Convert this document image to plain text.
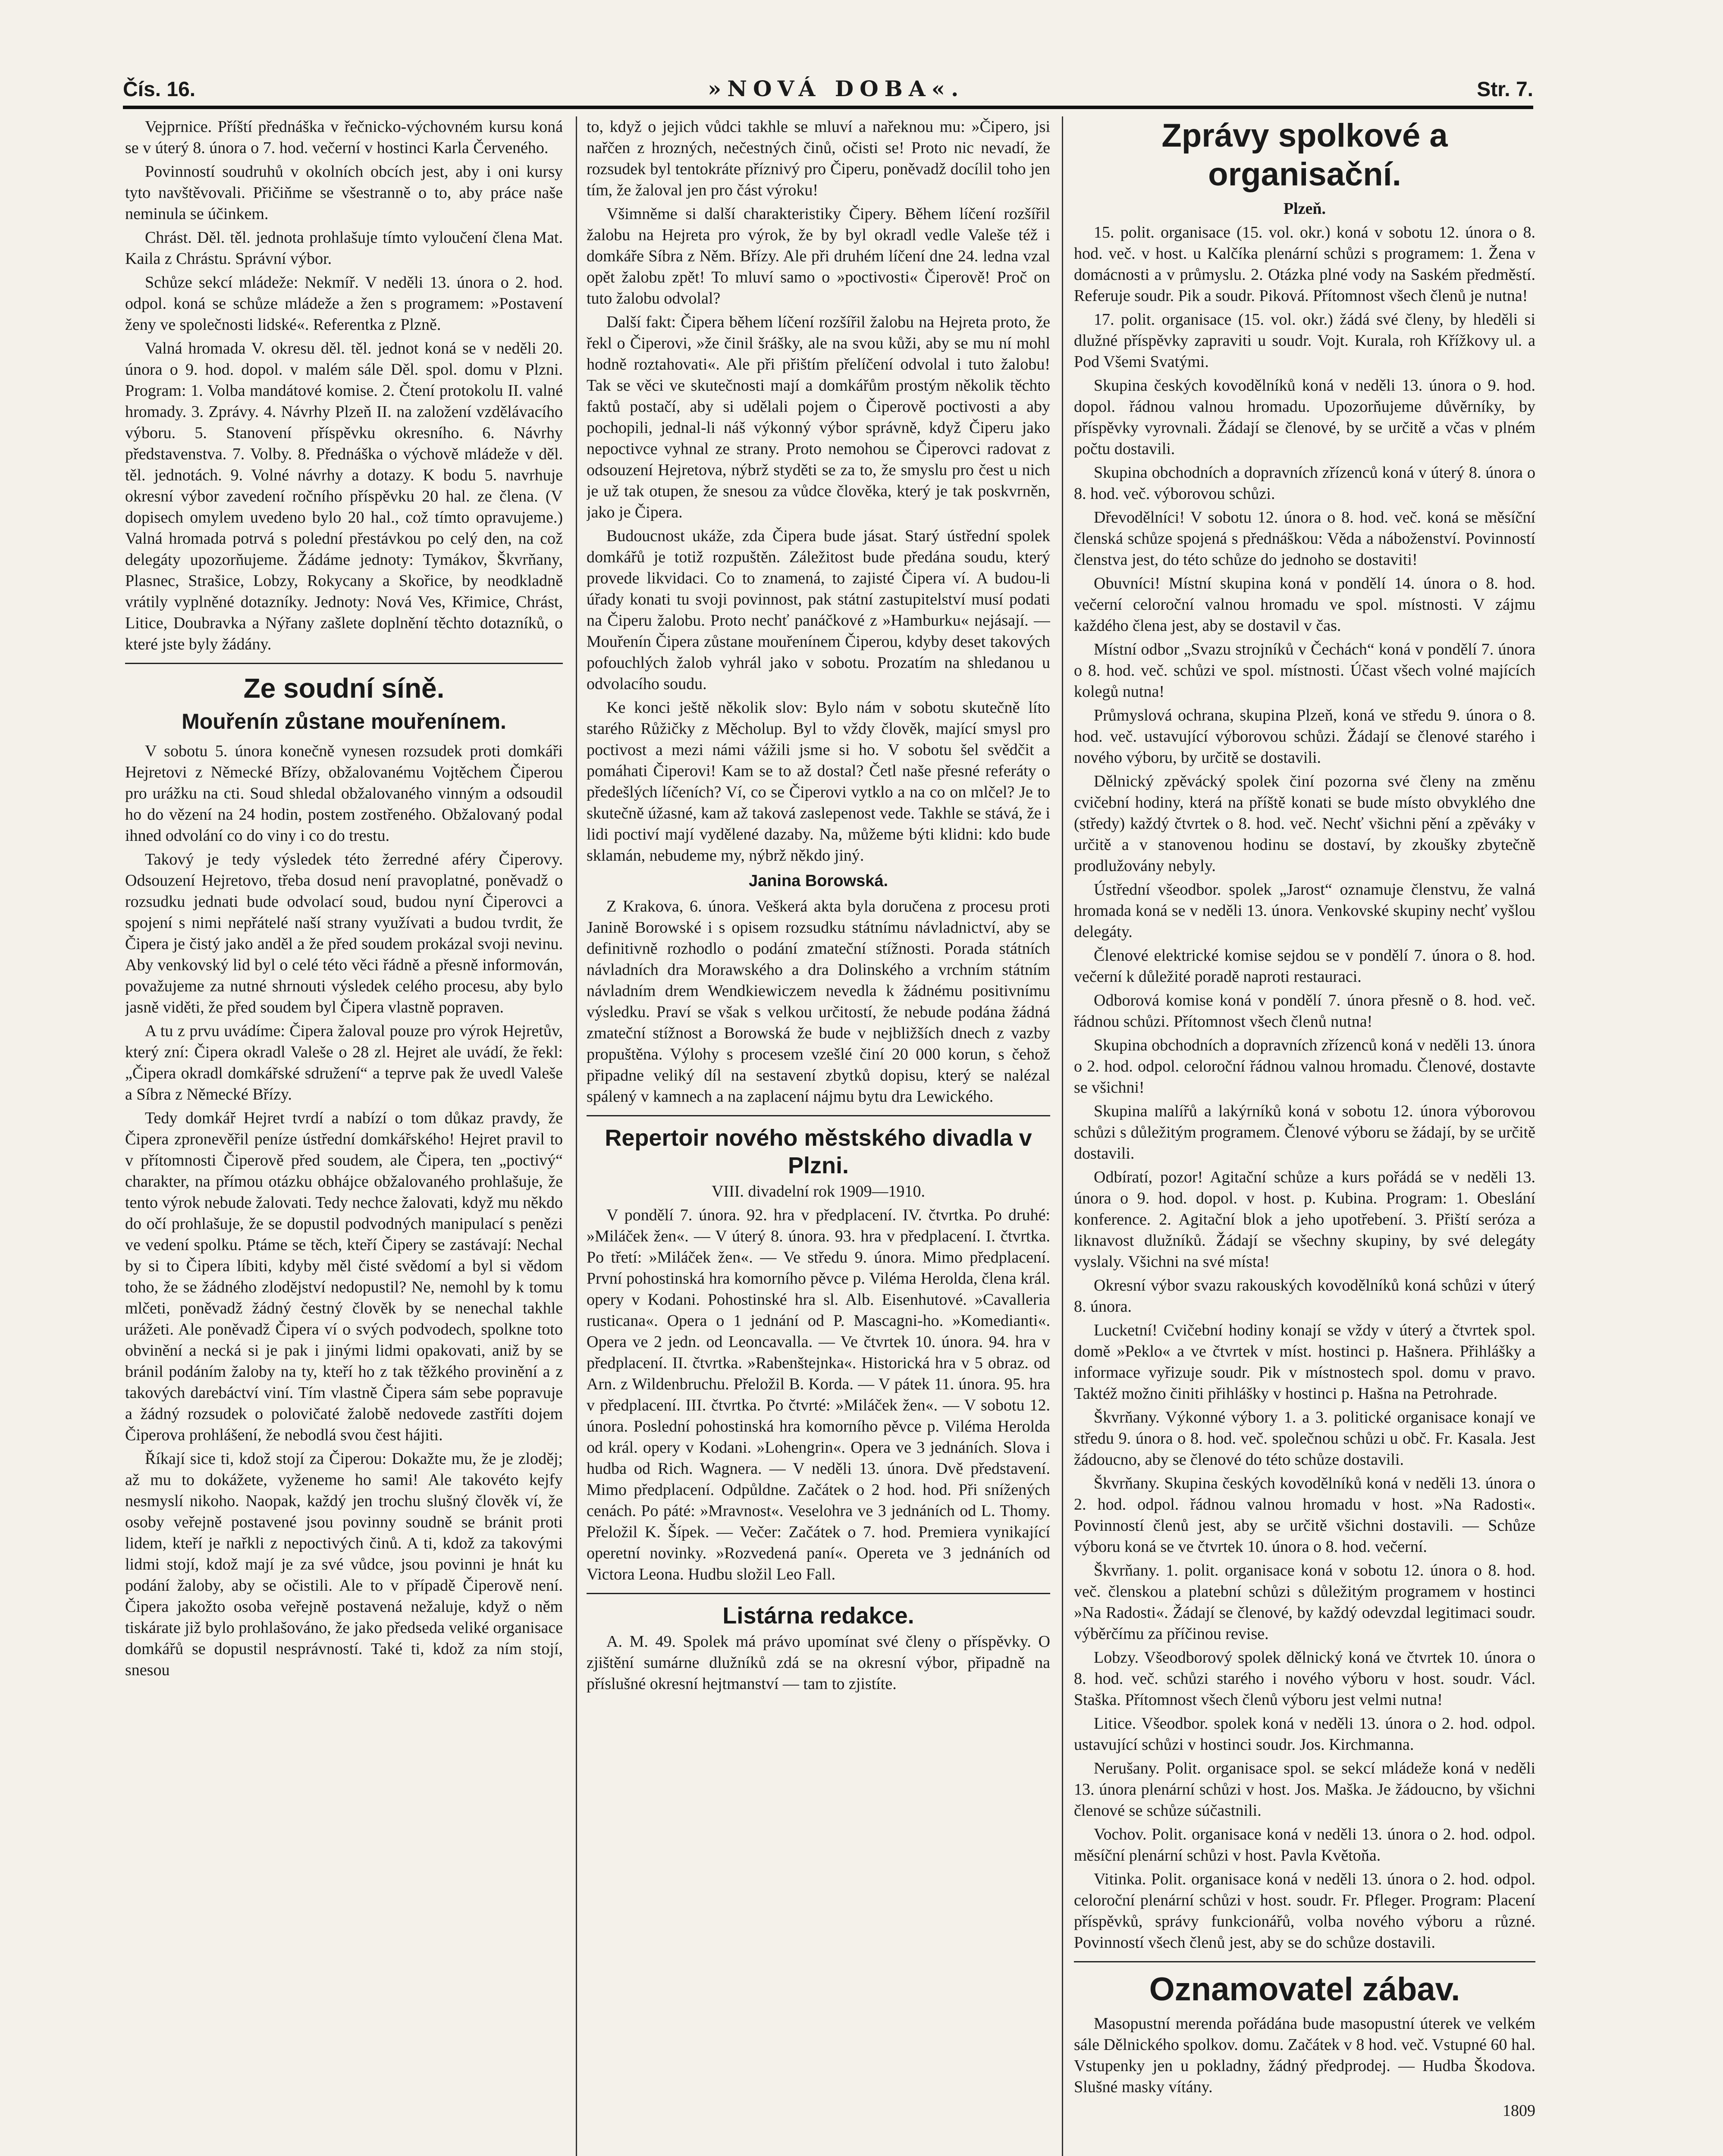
Čís. 16.	»NOVÁ DOBA«.	Str. 7.

Vejprnice. Příští přednáška v řečnicko-výchovném kursu koná se v úterý 8. února o 7. hod. večerní v hostinci Karla Červeného.

Povinností soudruhů v okolních obcích jest, aby i oni kursy tyto navštěvovali. Přičiňme se všestranně o to, aby práce naše neminula se účinkem.

Chrást. Děl. těl. jednota prohlašuje tímto vyloučení člena Mat. Kaila z Chrástu. Správní výbor.

Schůze sekcí mládeže: Nekmíř. V neděli 13. února o 2. hod. odpol. koná se schůze mládeže a žen s programem: »Postavení ženy ve společnosti lidské«. Referentka z Plzně.

Valná hromada V. okresu děl. těl. jednot koná se v neděli 20. února o 9. hod. dopol. v malém sále Děl. spol. domu v Plzni. Program: 1. Volba mandátové komise. 2. Čtení protokolu II. valné hromady. 3. Zprávy. 4. Návrhy Plzeň II. na založení vzdělávacího výboru. 5. Stanovení příspěvku okresního. 6. Návrhy představenstva. 7. Volby. 8. Přednáška o výchově mládeže v děl. těl. jednotách. 9. Volné návrhy a dotazy. K bodu 5. navrhuje okresní výbor zavedení ročního příspěvku 20 hal. ze člena. (V dopisech omylem uvedeno bylo 20 hal., což tímto opravujeme.) Valná hromada potrvá s polední přestávkou po celý den, na což delegáty upozorňujeme. Žádáme jednoty: Tymákov, Škvrňany, Plasnec, Strašice, Lobzy, Rokycany a Skořice, by neodkladně vrátily vyplněné dotazníky. Jednoty: Nová Ves, Křimice, Chrást, Litice, Doubravka a Nýřany zašlete doplnění těchto dotazníků, o které jste byly žádány.

Ze soudní síně.
Mouřenín zůstane mouřenínem.

V sobotu 5. února konečně vynesen rozsudek proti domkáři Hejretovi z Německé Břízy, obžalovanému Vojtěchem Čiperou pro urážku na cti. Soud shledal obžalovaného vinným a odsoudil ho do vězení na 24 hodin, postem zostřeného. Obžalovaný podal ihned odvolání co do viny i co do trestu.

Takový je tedy výsledek této žerredné aféry Čiperovy. Odsouzení Hejretovo, třeba dosud není pravoplatné, poněvadž o rozsudku jednati bude odvolací soud, budou nyní Čiperovci a spojení s nimi nepřátelé naší strany využívati a budou tvrdit, že Čipera je čistý jako anděl a že před soudem prokázal svoji nevinu. Aby venkovský lid byl o celé této věci řádně a přesně informován, považujeme za nutné shrnouti výsledek celého procesu, aby bylo jasně viděti, že před soudem byl Čipera vlastně popraven.

A tu z prvu uvádíme: Čipera žaloval pouze pro výrok Hejretův, který zní: Čipera okradl Valeše o 28 zl. Hejret ale uvádí, že řekl: „Čipera okradl domkářské sdružení“ a teprve pak že uvedl Valeše a Síbra z Německé Břízy.

Tedy domkář Hejret tvrdí a nabízí o tom důkaz pravdy, že Čipera zpronevěřil peníze ústřední domkářského! Hejret pravil to v přítomnosti Čiperově před soudem, ale Čipera, ten „poctivý“ charakter, na přímou otázku obhájce obžalovaného prohlašuje, že tento výrok nebude žalovati. Tedy nechce žalovati, když mu někdo do očí prohlašuje, že se dopustil podvodných manipulací s penězi ve vedení spolku. Ptáme se těch, kteří Čipery se zastávají: Nechal by si to Čipera líbiti, kdyby měl čisté svědomí a byl si vědom toho, že se žádného zlodějství nedopustil? Ne, nemohl by k tomu mlčeti, poněvadž žádný čestný člověk by se nenechal takhle urážeti. Ale poněvadž Čipera ví o svých podvodech, spolkne toto obvinění a necká si je pak i jinými lidmi opakovati, aniž by se bránil podáním žaloby na ty, kteří ho z tak těžkého provinění a z takových darebáctví viní. Tím vlastně Čipera sám sebe popravuje a žádný rozsudek o polovičaté žalobě nedovede zastříti dojem Čiperova prohlášení, že nebodlá svou čest hájiti.

Říkají sice ti, kdož stojí za Čiperou: Dokažte mu, že je zloděj; až mu to dokážete, vyženeme ho sami! Ale takovéto kejfy nesmyslí nikoho. Naopak, každý jen trochu slušný člověk ví, že osoby veřejně postavené jsou povinny soudně se bránit proti lidem, kteří je nařkli z nepoctivých činů. A ti, kdož za takovými lidmi stojí, kdož mají je za své vůdce, jsou povinni je hnát ku podání žaloby, aby se očistili. Ale to v případě Čiperově není. Čipera jakožto osoba veřejně postavená nežaluje, když o něm tiskárate již bylo prohlašováno, že jako předseda veliké organisace domkářů se dopustil nesprávností. Také ti, kdož za ním stojí, snesou

to, když o jejich vůdci takhle se mluví a nařeknou mu: »Čipero, jsi nařčen z hrozných, nečestných činů, očisti se! Proto nic nevadí, že rozsudek byl tentokráte příznivý pro Čiperu, poněvadž docílil toho jen tím, že žaloval jen pro část výroku!

Všimněme si další charakteristiky Čipery. Během líčení rozšířil žalobu na Hejreta pro výrok, že by byl okradl vedle Valeše též i domkáře Síbra z Něm. Břízy. Ale při druhém líčení dne 24. ledna vzal opět žalobu zpět! To mluví samo o »poctivosti« Čiperově! Proč on tuto žalobu odvolal?

Další fakt: Čipera během líčení rozšířil žalobu na Hejreta proto, že řekl o Čiperovi, »že činil šrášky, ale na svou kůži, aby se mu ní mohl hodně roztahovati«. Ale při přištím přelíčení odvolal i tuto žalobu! Tak se věci ve skutečnosti mají a domkářům prostým několik těchto faktů postačí, aby si udělali pojem o Čiperově poctivosti a aby pochopili, jednal-li náš výkonný výbor správně, když Čiperu jako nepoctivce vyhnal ze strany. Proto nemohou se Čiperovci radovat z odsouzení Hejretova, nýbrž styděti se za to, že smyslu pro čest u nich je už tak otupen, že snesou za vůdce člověka, který je tak poskvrněn, jako je Čipera.

Budoucnost ukáže, zda Čipera bude jásat. Starý ústřední spolek domkářů je totiž rozpuštěn. Záležitost bude předána soudu, který provede likvidaci. Co to znamená, to zajisté Čipera ví. A budou-li úřady konati tu svoji povinnost, pak státní zastupitelství musí podati na Čiperu žalobu. Proto nechť panáčkové z »Hamburku« nejásají. — Mouřenín Čipera zůstane mouřenínem Čiperou, kdyby deset takových pofouchlých žalob vyhrál jako v sobotu. Prozatím na shledanou u odvolacího soudu.

Ke konci ještě několik slov: Bylo nám v sobotu skutečně líto starého Růžičky z Měcholup. Byl to vždy člověk, mající smysl pro poctivost a mezi námi vážili jsme si ho. V sobotu šel svědčit a pomáhati Čiperovi! Kam se to až dostal? Četl naše přesné referáty o předešlých líčeních? Ví, co se Čiperovi vytklo a na co on mlčel? Je to skutečně úžasné, kam až taková zaslepenost vede. Takhle se stává, že i lidi poctiví mají vydělené dazaby. Na, můžeme býti klidni: kdo bude sklamán, nebudeme my, nýbrž někdo jiný.

Janina Borowská.

Z Krakova, 6. února. Veškerá akta byla doručena z procesu proti Janině Borowské i s opisem rozsudku státnímu návladnictví, aby se definitivně rozhodlo o podání zmateční stížnosti. Porada státních návladních dra Morawského a dra Dolinského a vrchním státním návladním drem Wendkiewiczem nevedla k žádnému positivnímu výsledku. Praví se však s velkou určitostí, že nebude podána žádná zmateční stížnost a Borowská že bude v nejbližších dnech z vazby propuštěna. Výlohy s procesem vzešlé činí 20 000 korun, s čehož připadne veliký díl na sestavení zbytků dopisu, který se nalézal spálený v kamnech a na zaplacení nájmu bytu dra Lewického.

Repertoir nového městského divadla v Plzni.

VIII. divadelní rok 1909—1910.

V pondělí 7. února. 92. hra v předplacení. IV. čtvrtka. Po druhé: »Miláček žen«. — V úterý 8. února. 93. hra v předplacení. I. čtvrtka. Po třetí: »Miláček žen«. — Ve středu 9. února. Mimo předplacení. První pohostinská hra komorního pěvce p. Viléma Herolda, člena král. opery v Kodani. Pohostinské hra sl. Alb. Eisenhutové. »Cavalleria rusticana«. Opera o 1 jednání od P. Mascagni-ho. »Komedianti«. Opera ve 2 jedn. od Leoncavalla. — Ve čtvrtek 10. února. 94. hra v předplacení. II. čtvrtka. »Rabenštejnka«. Historická hra v 5 obraz. od Arn. z Wildenbruchu. Přeložil B. Korda. — V pátek 11. února. 95. hra v předplacení. III. čtvrtka. Po čtvrté: »Miláček žen«. — V sobotu 12. února. Poslední pohostinská hra komorního pěvce p. Viléma Herolda od král. opery v Kodani. »Lohengrin«. Opera ve 3 jednáních. Slova i hudba od Rich. Wagnera. — V neděli 13. února. Dvě představení. Mimo předplacení. Odpůldne. Začátek o 2 hod. hod. Při snížených cenách. Po páté: »Mravnost«. Veselohra ve 3 jednáních od L. Thomy. Přeložil K. Šípek. — Večer: Začátek o 7. hod. Premiera vynikající operetní novinky. »Rozvedená paní«. Opereta ve 3 jednáních od Victora Leona. Hudbu složil Leo Fall.

Listárna redakce.

A. M. 49. Spolek má právo upomínat své členy o příspěvky. O zjištění sumárne dlužníků zdá se na okresní výbor, připadně na příslušné okresní hejtmanství — tam to zjistíte.

Zprávy spolkové a organisační.

Plzeň.

15. polit. organisace (15. vol. okr.) koná v sobotu 12. února o 8. hod. več. v host. u Kalčíka plenární schůzi s programem: 1. Žena v domácnosti a v průmyslu. 2. Otázka plné vody na Saském předměstí. Referuje soudr. Pik a soudr. Piková. Přítomnost všech členů je nutna!

17. polit. organisace (15. vol. okr.) žádá své členy, by hleděli si dlužné příspěvky zapraviti u soudr. Vojt. Kurala, roh Křížkovy ul. a Pod Všemi Svatými.

Skupina českých kovodělníků koná v neděli 13. února o 9. hod. dopol. řádnou valnou hromadu. Upozorňujeme důvěrníky, by příspěvky vyrovnali. Žádají se členové, by se určitě a včas v plném počtu dostavili.

Skupina obchodních a dopravních zřízenců koná v úterý 8. února o 8. hod. več. výborovou schůzi.

Dřevodělníci! V sobotu 12. února o 8. hod. več. koná se měsíční členská schůze spojená s přednáškou: Věda a náboženství. Povinností členstva jest, do této schůze do jednoho se dostaviti!

Obuvníci! Místní skupina koná v pondělí 14. února o 8. hod. večerní celoroční valnou hromadu ve spol. místnosti. V zájmu každého člena jest, aby se dostavil v čas.

Místní odbor „Svazu strojníků v Čechách“ koná v pondělí 7. února o 8. hod. več. schůzi ve spol. místnosti. Účast všech volné majících kolegů nutna!

Průmyslová ochrana, skupina Plzeň, koná ve středu 9. února o 8. hod. več. ustavující výborovou schůzi. Žádají se členové starého i nového výboru, by určitě se dostavili.

Dělnický zpěvácký spolek činí pozorna své členy na změnu cvičební hodiny, která na příště konati se bude místo obvyklého dne (středy) každý čtvrtek o 8. hod. več. Nechť všichni pění a zpěváky v určitě a v stanovenou hodinu se dostaví, by zkoušky zbytečně prodlužovány nebyly.

Ústřední všeodbor. spolek „Jarost“ oznamuje členstvu, že valná hromada koná se v neděli 13. února. Venkovské skupiny nechť vyšlou delegáty.

Členové elektrické komise sejdou se v pondělí 7. února o 8. hod. večerní k důležité poradě naproti restauraci.

Odborová komise koná v pondělí 7. února přesně o 8. hod. več. řádnou schůzi. Přítomnost všech členů nutna!

Skupina obchodních a dopravních zřízenců koná v neděli 13. února o 2. hod. odpol. celoroční řádnou valnou hromadu. Členové, dostavte se všichni!

Skupina malířů a lakýrníků koná v sobotu 12. února výborovou schůzi s důležitým programem. Členové výboru se žádají, by se určitě dostavili.

Odbíratí, pozor! Agitační schůze a kurs pořádá se v neděli 13. února o 9. hod. dopol. v host. p. Kubina. Program: 1. Obeslání konference. 2. Agitační blok a jeho upotřebení. 3. Přiští seróza a liknavost dlužníků. Žádají se všechny skupiny, by své delegáty vyslaly. Všichni na své místa!

Okresní výbor svazu rakouských kovodělníků koná schůzi v úterý 8. února.

Lucketní! Cvičební hodiny konají se vždy v úterý a čtvrtek spol. domě »Peklo« a ve čtvrtek v míst. hostinci p. Hašnera. Přihlášky a informace vyřizuje soudr. Pik v místnostech spol. domu v pravo. Taktéž možno činiti přihlášky v hostinci p. Hašna na Petrohrade.

Škvrňany. Výkonné výbory 1. a 3. politické organisace konají ve středu 9. února o 8. hod. več. společnou schůzi u obč. Fr. Kasala. Jest žádoucno, aby se členové do této schůze dostavili.

Škvrňany. Skupina českých kovodělníků koná v neděli 13. února o 2. hod. odpol. řádnou valnou hromadu v host. »Na Radosti«. Povinností členů jest, aby se určitě všichni dostavili. — Schůze výboru koná se ve čtvrtek 10. února o 8. hod. večerní.

Škvrňany. 1. polit. organisace koná v sobotu 12. února o 8. hod. več. členskou a platební schůzi s důležitým programem v hostinci »Na Radosti«. Žádají se členové, by každý odevzdal legitimaci soudr. výběrčímu za příčinou revise.

Lobzy. Všeodborový spolek dělnický koná ve čtvrtek 10. února o 8. hod. več. schůzi starého i nového výboru v host. soudr. Václ. Staška. Přítomnost všech členů výboru jest velmi nutna!

Litice. Všeodbor. spolek koná v neděli 13. února o 2. hod. odpol. ustavující schůzi v hostinci soudr. Jos. Kirchmanna.

Nerušany. Polit. organisace spol. se sekcí mládeže koná v neděli 13. února plenární schůzi v host. Jos. Maška. Je žádoucno, by všichni členové se schůze súčastnili.

Vochov. Polit. organisace koná v neděli 13. února o 2. hod. odpol. měsíční plenární schůzi v host. Pavla Květoňa.

Vitinka. Polit. organisace koná v neděli 13. února o 2. hod. odpol. celoroční plenární schůzi v host. soudr. Fr. Pfleger. Program: Placení příspěvků, správy funkcionářů, volba nového výboru a různé. Povinností všech členů jest, aby se do schůze dostavili.

Oznamovatel zábav.

Masopustní merenda pořádána bude masopustní úterek ve velkém sále Dělnického spolkov. domu. Začátek v 8 hod. več. Vstupné 60 hal. Vstupenky jen u pokladny, žádný předprodej. — Hudba Škodova. Slušné masky vítány.

1809
